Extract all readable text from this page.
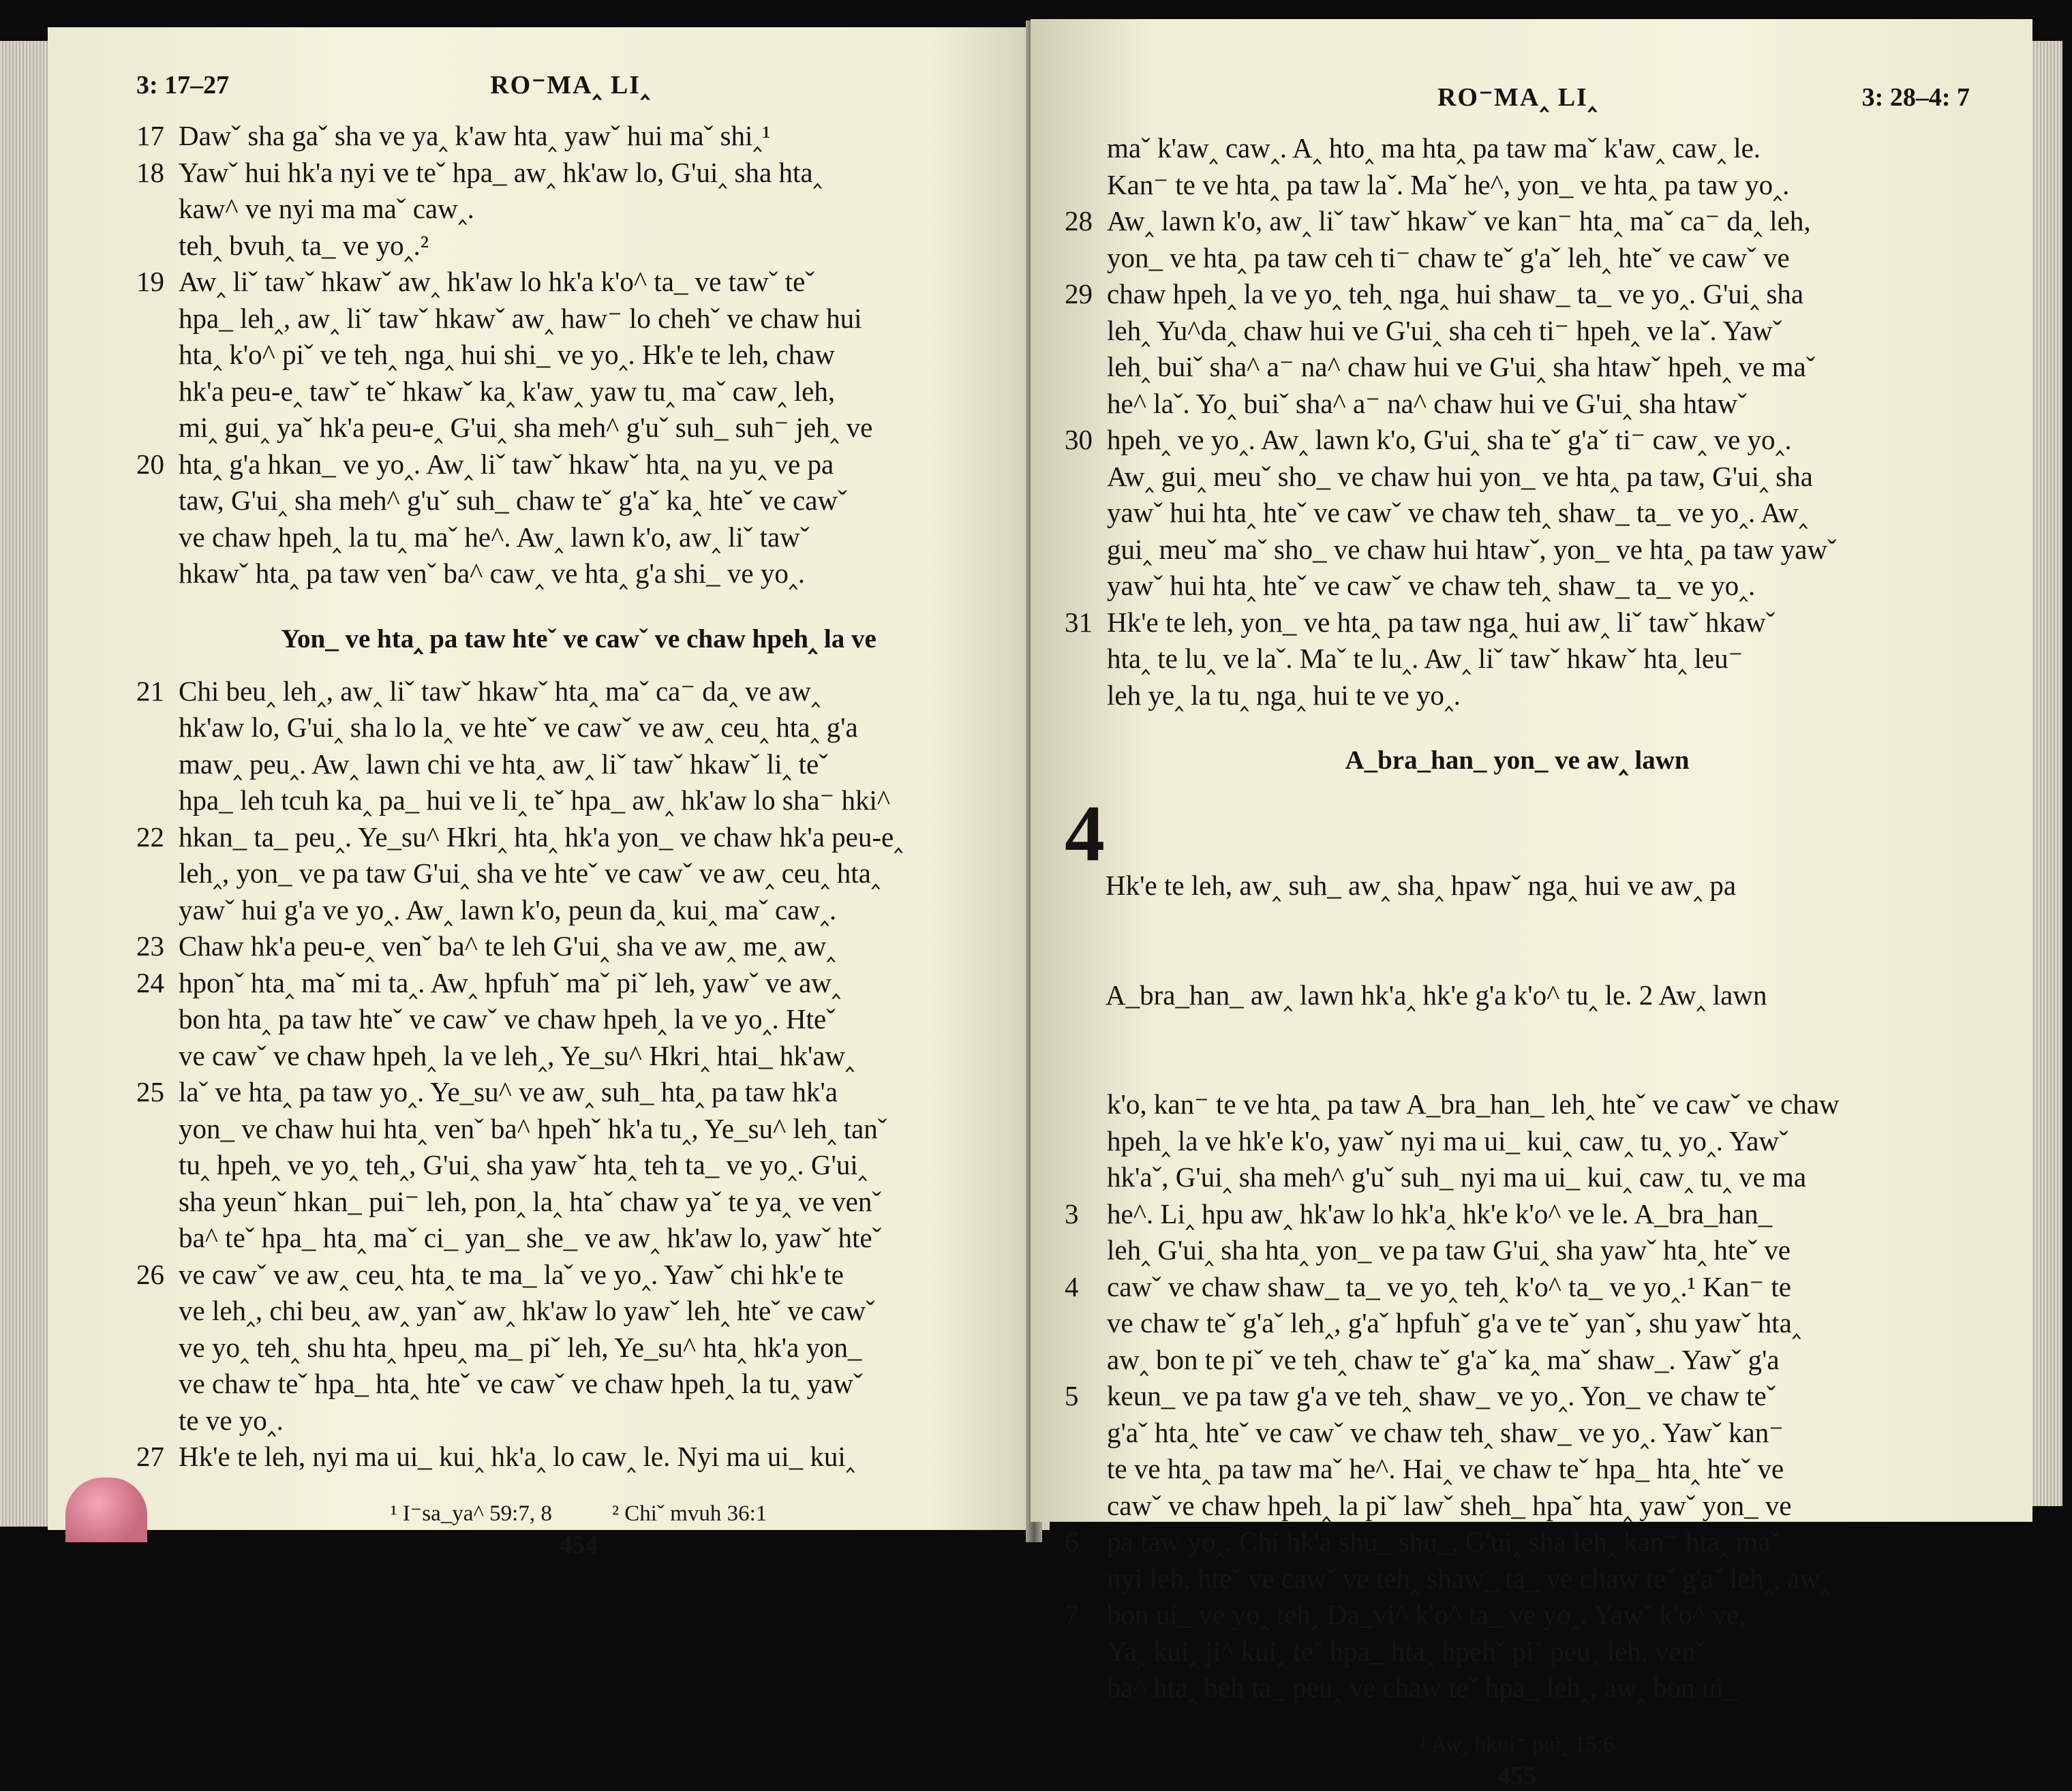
3: 17–27	RO⁻MA‸ LI‸
17 Dawˇ sha gaˇ sha ve ya‸ k'aw hta‸ yawˇ hui maˇ shi‸¹
18 Yawˇ hui hk'a nyi ve teˇ hpa_ aw‸ hk'aw lo, G'ui‸ sha hta‸
kaw^ ve nyi ma maˇ caw‸.
teh‸ bvuh‸ ta_ ve yo‸.²
19 Aw‸ liˇ tawˇ hkawˇ aw‸ hk'aw lo hk'a k'o^ ta_ ve tawˇ teˇ
hpa_ leh‸, aw‸ liˇ tawˇ hkawˇ aw‸ haw⁻ lo chehˇ ve chaw hui
hta‸ k'o^ piˇ ve teh‸ nga‸ hui shi_ ve yo‸. Hk'e te leh, chaw
hk'a peu-e‸ tawˇ teˇ hkawˇ ka‸ k'aw‸ yaw tu‸ maˇ caw‸ leh,
mi‸ gui‸ yaˇ hk'a peu-e‸ G'ui‸ sha meh^ g'uˇ suh_ suh⁻ jeh‸ ve
20 hta‸ g'a hkan_ ve yo‸. Aw‸ liˇ tawˇ hkawˇ hta‸ na yu‸ ve pa
taw, G'ui‸ sha meh^ g'uˇ suh_ chaw teˇ g'aˇ ka‸ hteˇ ve cawˇ
ve chaw hpeh‸ la tu‸ maˇ he^. Aw‸ lawn k'o, aw‸ liˇ tawˇ
hkawˇ hta‸ pa taw venˇ ba^ caw‸ ve hta‸ g'a shi_ ve yo‸.
Yon_ ve hta‸ pa taw hteˇ ve cawˇ ve chaw hpeh‸ la ve
21 Chi beu‸ leh‸, aw‸ liˇ tawˇ hkawˇ hta‸ maˇ ca⁻ da‸ ve aw‸
hk'aw lo, G'ui‸ sha lo la‸ ve hteˇ ve cawˇ ve aw‸ ceu‸ hta‸ g'a
maw‸ peu‸. Aw‸ lawn chi ve hta‸ aw‸ liˇ tawˇ hkawˇ li‸ teˇ
hpa_ leh tcuh ka‸ pa_ hui ve li‸ teˇ hpa_ aw‸ hk'aw lo sha⁻ hki^
22 hkan_ ta_ peu‸. Ye_su^ Hkri‸ hta‸ hk'a yon_ ve chaw hk'a peu-e‸
leh‸, yon_ ve pa taw G'ui‸ sha ve hteˇ ve cawˇ ve aw‸ ceu‸ hta‸
yawˇ hui g'a ve yo‸. Aw‸ lawn k'o, peun da‸ kui‸ maˇ caw‸.
23 Chaw hk'a peu-e‸ venˇ ba^ te leh G'ui‸ sha ve aw‸ me‸ aw‸
24 hponˇ hta‸ maˇ mi ta‸. Aw‸ hpfuhˇ maˇ piˇ leh, yawˇ ve aw‸
bon hta‸ pa taw hteˇ ve cawˇ ve chaw hpeh‸ la ve yo‸. Hteˇ
ve cawˇ ve chaw hpeh‸ la ve leh‸, Ye_su^ Hkri‸ htai_ hk'aw‸
25 laˇ ve hta‸ pa taw yo‸. Ye_su^ ve aw‸ suh_ hta‸ pa taw hk'a
yon_ ve chaw hui hta‸ venˇ ba^ hpehˇ hk'a tu‸, Ye_su^ leh‸ tanˇ
tu‸ hpeh‸ ve yo‸ teh‸, G'ui‸ sha yawˇ hta‸ teh ta_ ve yo‸. G'ui‸
sha yeunˇ hkan_ pui⁻ leh, pon‸ la‸ htaˇ chaw yaˇ te ya‸ ve venˇ
ba^ teˇ hpa_ hta‸ maˇ ci_ yan_ she_ ve aw‸ hk'aw lo, yawˇ hteˇ
26 ve cawˇ ve aw‸ ceu‸ hta‸ te ma_ laˇ ve yo‸. Yawˇ chi hk'e te
ve leh‸, chi beu‸ aw‸ yanˇ aw‸ hk'aw lo yawˇ leh‸ hteˇ ve cawˇ
ve yo‸ teh‸ shu hta‸ hpeu‸ ma_ piˇ leh, Ye_su^ hta‸ hk'a yon_
ve chaw teˇ hpa_ hta‸ hteˇ ve cawˇ ve chaw hpeh‸ la tu‸ yawˇ
te ve yo‸.
27 Hk'e te leh, nyi ma ui_ kui‸ hk'a‸ lo caw‸ le. Nyi ma ui_ kui‸
¹ I⁻sa_ya^ 59:7, 8	² Chiˇ mvuh 36:1
454
RO⁻MA‸ LI‸	3: 28–4: 7
maˇ k'aw‸ caw‸. A‸ hto‸ ma hta‸ pa taw maˇ k'aw‸ caw‸ le.
Kan⁻ te ve hta‸ pa taw laˇ. Maˇ he^, yon_ ve hta‸ pa taw yo‸.
28 Aw‸ lawn k'o, aw‸ liˇ tawˇ hkawˇ ve kan⁻ hta‸ maˇ ca⁻ da‸ leh,
yon_ ve hta‸ pa taw ceh ti⁻ chaw teˇ g'aˇ leh‸ hteˇ ve cawˇ ve
29 chaw hpeh‸ la ve yo‸ teh‸ nga‸ hui shaw_ ta_ ve yo‸. G'ui‸ sha
leh‸ Yu^da‸ chaw hui ve G'ui‸ sha ceh ti⁻ hpeh‸ ve laˇ. Yawˇ
leh‸ buiˇ sha^ a⁻ na^ chaw hui ve G'ui‸ sha htawˇ hpeh‸ ve maˇ
he^ laˇ. Yo‸ buiˇ sha^ a⁻ na^ chaw hui ve G'ui‸ sha htawˇ
30 hpeh‸ ve yo‸. Aw‸ lawn k'o, G'ui‸ sha teˇ g'aˇ ti⁻ caw‸ ve yo‸.
Aw‸ gui‸ meuˇ sho_ ve chaw hui yon_ ve hta‸ pa taw, G'ui‸ sha
yawˇ hui hta‸ hteˇ ve cawˇ ve chaw teh‸ shaw_ ta_ ve yo‸. Aw‸
gui‸ meuˇ maˇ sho_ ve chaw hui htawˇ, yon_ ve hta‸ pa taw yawˇ
yawˇ hui hta‸ hteˇ ve cawˇ ve chaw teh‸ shaw_ ta_ ve yo‸.
31 Hk'e te leh, yon_ ve hta‸ pa taw nga‸ hui aw‸ liˇ tawˇ hkawˇ
hta‸ te lu‸ ve laˇ. Maˇ te lu‸. Aw‸ liˇ tawˇ hkawˇ hta‸ leu⁻
leh ye‸ la tu‸ nga‸ hui te ve yo‸.
A_bra_han_ yon_ ve aw‸ lawn
4

Hk'e te leh, aw‸ suh_ aw‸ sha‸ hpawˇ nga‸ hui ve aw‸ pa

A_bra_han_ aw‸ lawn hk'a‸ hk'e g'a k'o^ tu‸ le. 2 Aw‸ lawn

k'o, kan⁻ te ve hta‸ pa taw A_bra_han_ leh‸ hteˇ ve cawˇ ve chaw
hpeh‸ la ve hk'e k'o, yawˇ nyi ma ui_ kui‸ caw‸ tu‸ yo‸. Yawˇ
hk'aˇ, G'ui‸ sha meh^ g'uˇ suh_ nyi ma ui_ kui‸ caw‸ tu‸ ve ma
3	he^. Li‸ hpu aw‸ hk'aw lo hk'a‸ hk'e k'o^ ve le. A_bra_han_
leh‸ G'ui‸ sha hta‸ yon_ ve pa taw G'ui‸ sha yawˇ hta‸ hteˇ ve
4	cawˇ ve chaw shaw_ ta_ ve yo‸ teh‸ k'o^ ta_ ve yo‸.¹ Kan⁻ te
ve chaw teˇ g'aˇ leh‸, g'aˇ hpfuhˇ g'a ve teˇ yanˇ, shu yawˇ hta‸
aw‸ bon te piˇ ve teh‸ chaw teˇ g'aˇ ka‸ maˇ shaw_. Yawˇ g'a
5	keun_ ve pa taw g'a ve teh‸ shaw_ ve yo‸. Yon_ ve chaw teˇ
g'aˇ hta‸ hteˇ ve cawˇ ve chaw teh‸ shaw_ ve yo‸. Yawˇ kan⁻
te ve hta‸ pa taw maˇ he^. Hai‸ ve chaw teˇ hpa_ hta‸ hteˇ ve
cawˇ ve chaw hpeh‸ la piˇ lawˇ sheh_ hpaˇ hta‸ yawˇ yon_ ve
6	pa taw yo‸. Chi hk'a shu_ shu_, G'ui‸ sha leh‸ kan⁻ hta‸ maˇ
nyi leh, hteˇ ve cawˇ ve teh‸ shaw_ ta_ ve chaw teˇ g'aˇ leh‸, aw‸
7	bon ui_ ve yo‸ teh‸ Da_vi^ k'o^ ta_ ve yo‸. Yawˇ k'o^ ve,
Ya‸ kui‸ ji^ kui‸ teˇ hpa_ hta‸ hpehˇ piˇ peu‸ leh, venˇ
ba^ hta‸ beh ta_ peu‸ ve chaw teˇ hpa_ leh‸, aw‸ bon ui_
¹ Aw‸ hkui⁻ pui‸ 15:6
455
